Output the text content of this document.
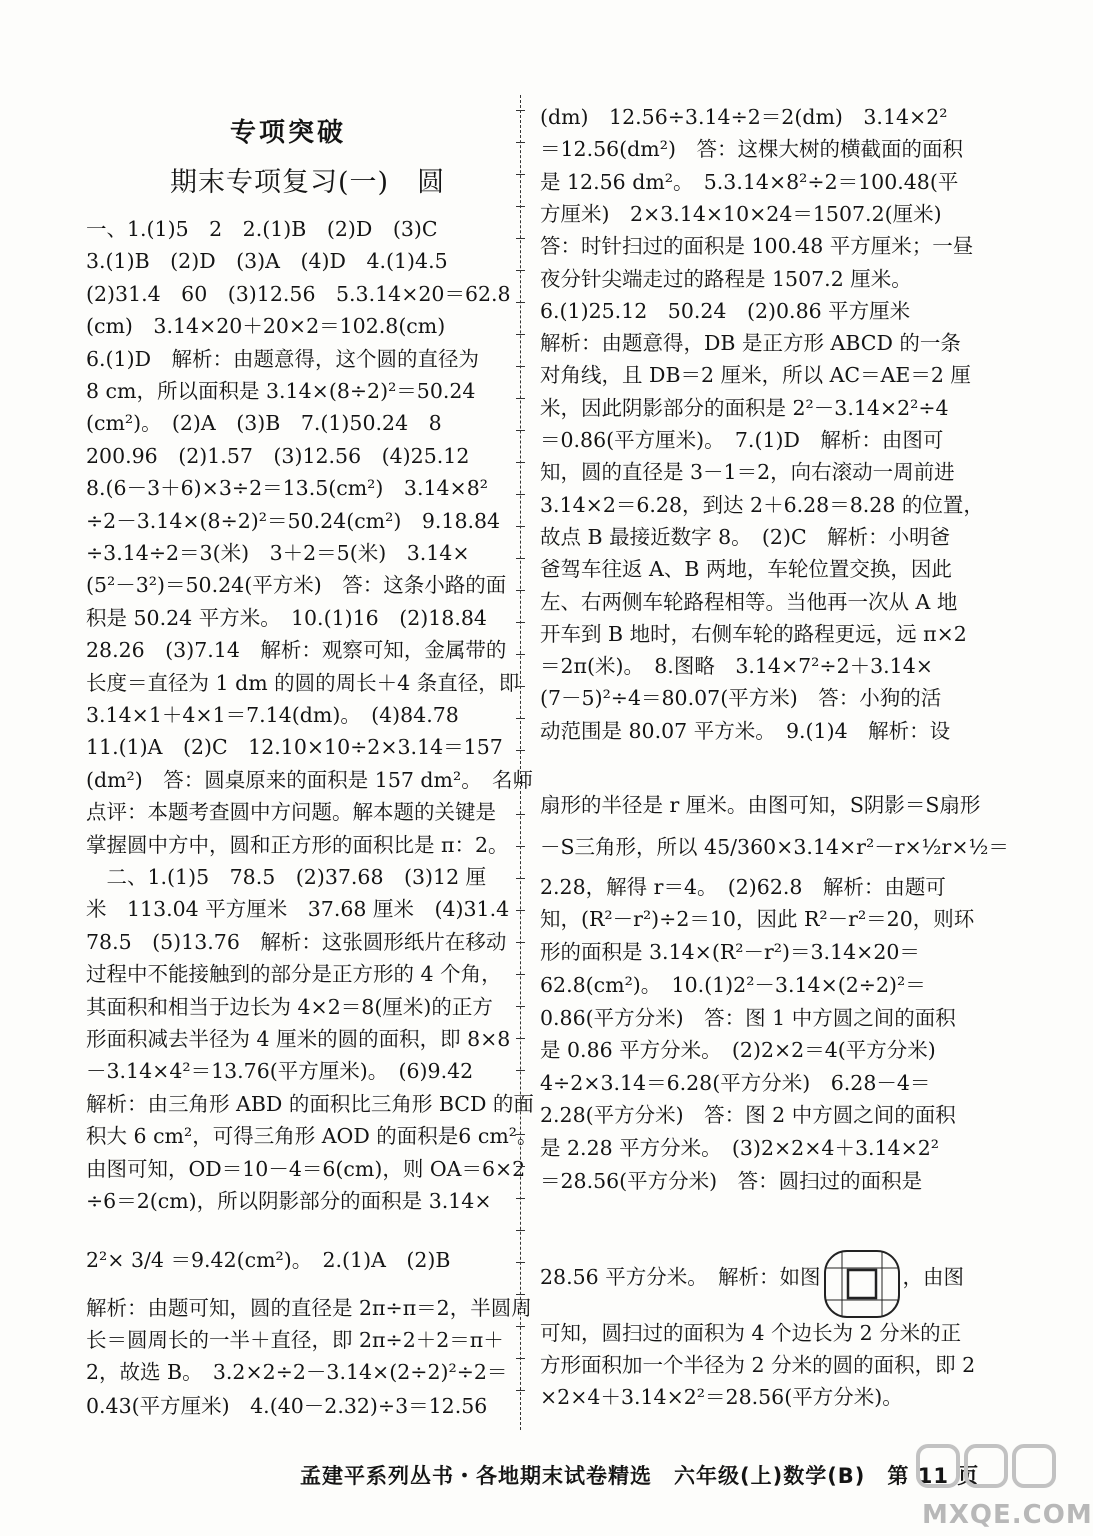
专项突破
期末专项复习(一)　圆
一、1.(1)5　2　2.(1)B　(2)D　(3)C
3.(1)B　(2)D　(3)A　(4)D　4.(1)4.5
(2)31.4　60　(3)12.56　5.3.14×20＝62.8
(cm)　3.14×20＋20×2＝102.8(cm)
6.(1)D　解析：由题意得，这个圆的直径为
8 cm，所以面积是 3.14×(8÷2)²＝50.24
(cm²)。　(2)A　(3)B　7.(1)50.24　8
200.96　(2)1.57　(3)12.56　(4)25.12
8.(6－3＋6)×3÷2＝13.5(cm²)　3.14×8²
÷2－3.14×(8÷2)²＝50.24(cm²)　9.18.84
÷3.14÷2＝3(米)　3＋2＝5(米)　3.14×
(5²－3²)＝50.24(平方米)　答：这条小路的面
积是 50.24 平方米。　10.(1)16　(2)18.84
28.26　(3)7.14　解析：观察可知，金属带的
长度＝直径为 1 dm 的圆的周长＋4 条直径，即
3.14×1＋4×1＝7.14(dm)。　(4)84.78
11.(1)A　(2)C　12.10×10÷2×3.14＝157
(dm²)　答：圆桌原来的面积是 157 dm²。　名师
点评：本题考查圆中方问题。解本题的关键是
掌握圆中方中，圆和正方形的面积比是 π：2。
　二、1.(1)5　78.5　(2)37.68　(3)12 厘
米　113.04 平方厘米　37.68 厘米　(4)31.4
78.5　(5)13.76　解析：这张圆形纸片在移动
过程中不能接触到的部分是正方形的 4 个角，
其面积和相当于边长为 4×2＝8(厘米)的正方
形面积减去半径为 4 厘米的圆的面积，即 8×8
－3.14×4²＝13.76(平方厘米)。　(6)9.42
解析：由三角形 ABD 的面积比三角形 BCD 的面
积大 6 cm²，可得三角形 AOD 的面积是6 cm²。
由图可知，OD＝10－4＝6(cm)，则 OA＝6×2
÷6＝2(cm)，所以阴影部分的面积是 3.14×
2²× 3/4 ＝9.42(cm²)。　2.(1)A　(2)B
解析：由题可知，圆的直径是 2π÷π＝2，半圆周
长＝圆周长的一半＋直径，即 2π÷2＋2＝π＋
2，故选 B。　3.2×2÷2－3.14×(2÷2)²÷2＝
0.43(平方厘米)　4.(40－2.32)÷3＝12.56
(dm)　12.56÷3.14÷2＝2(dm)　3.14×2²
＝12.56(dm²)　答：这棵大树的横截面的面积
是 12.56 dm²。　5.3.14×8²÷2＝100.48(平
方厘米)　2×3.14×10×24＝1507.2(厘米)
答：时针扫过的面积是 100.48 平方厘米；一昼
夜分针尖端走过的路程是 1507.2 厘米。
6.(1)25.12　50.24　(2)0.86 平方厘米
解析：由题意得，DB 是正方形 ABCD 的一条
对角线，且 DB＝2 厘米，所以 AC＝AE＝2 厘
米，因此阴影部分的面积是 2²－3.14×2²÷4
＝0.86(平方厘米)。　7.(1)D　解析：由图可
知，圆的直径是 3－1＝2，向右滚动一周前进
3.14×2＝6.28，到达 2＋6.28＝8.28 的位置，
故点 B 最接近数字 8。　(2)C　解析：小明爸
爸驾车往返 A、B 两地，车轮位置交换，因此
左、右两侧车轮路程相等。当他再一次从 A 地
开车到 B 地时，右侧车轮的路程更远，远 π×2
＝2π(米)。　8.图略　3.14×7²÷2＋3.14×
(7－5)²÷4＝80.07(平方米)　答：小狗的活
动范围是 80.07 平方米。　9.(1)4　解析：设
扇形的半径是 r 厘米。由图可知，S阴影＝S扇形
－S三角形，所以 45/360×3.14×r²－r×½r×½＝
2.28，解得 r＝4。　(2)62.8　解析：由题可
知，(R²－r²)÷2＝10，因此 R²－r²＝20，则环
形的面积是 3.14×(R²－r²)＝3.14×20＝
62.8(cm²)。　10.(1)2²－3.14×(2÷2)²＝
0.86(平方分米)　答：图 1 中方圆之间的面积
是 0.86 平方分米。　(2)2×2＝4(平方分米)
4÷2×3.14＝6.28(平方分米)　6.28－4＝
2.28(平方分米)　答：图 2 中方圆之间的面积
是 2.28 平方分米。　(3)2×2×4＋3.14×2²
＝28.56(平方分米)　答：圆扫过的面积是
28.56 平方分米。　解析：如图　　　　，由图
可知，圆扫过的面积为 4 个边长为 2 分米的正
方形面积加一个半径为 2 分米的圆的面积，即 2
×2×4＋3.14×2²＝28.56(平方分米)。
孟建平系列丛书・各地期末试卷精选　六年级(上)数学(B)　第 11 页
MXQE.COM
